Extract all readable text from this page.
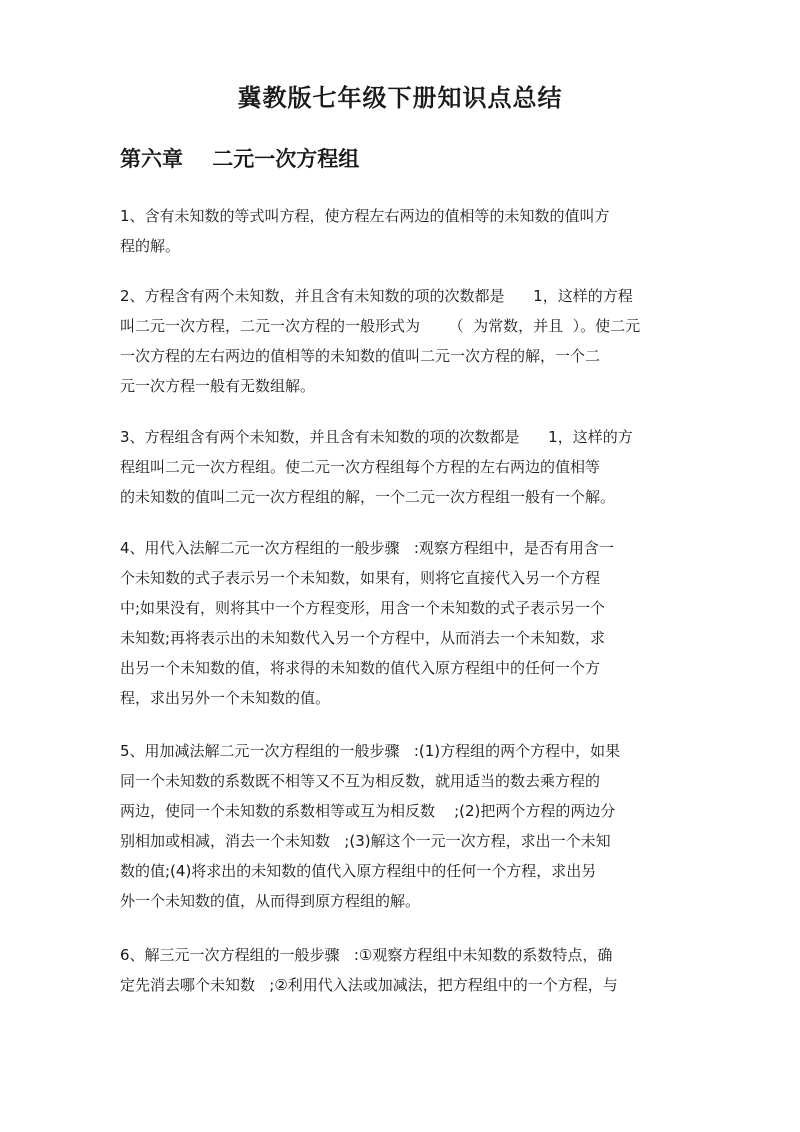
冀教版七年级下册知识点总结
第六章    二元一次方程组
1、含有未知数的等式叫方程，使方程左右两边的值相等的未知数的值叫方
程的解。
2、方程含有两个未知数，并且含有未知数的项的次数都是      1，这样的方程
叫二元一次方程，二元一次方程的一般形式为      （  为常数，并且  ）。使二元
一次方程的左右两边的值相等的未知数的值叫二元一次方程的解，一个二
元一次方程一般有无数组解。
3、方程组含有两个未知数，并且含有未知数的项的次数都是      1，这样的方
程组叫二元一次方程组。使二元一次方程组每个方程的左右两边的值相等
的未知数的值叫二元一次方程组的解，一个二元一次方程组一般有一个解。
4、用代入法解二元一次方程组的一般步骤   :观察方程组中，是否有用含一
个未知数的式子表示另一个未知数，如果有，则将它直接代入另一个方程
中;如果没有，则将其中一个方程变形，用含一个未知数的式子表示另一个
未知数;再将表示出的未知数代入另一个方程中，从而消去一个未知数，求
出另一个未知数的值，将求得的未知数的值代入原方程组中的任何一个方
程，求出另外一个未知数的值。
5、用加减法解二元一次方程组的一般步骤   :(1)方程组的两个方程中，如果
同一个未知数的系数既不相等又不互为相反数，就用适当的数去乘方程的
两边，使同一个未知数的系数相等或互为相反数    ;(2)把两个方程的两边分
别相加或相减，消去一个未知数   ;(3)解这个一元一次方程，求出一个未知
数的值;(4)将求出的未知数的值代入原方程组中的任何一个方程，求出另
外一个未知数的值，从而得到原方程组的解。
6、解三元一次方程组的一般步骤   :①观察方程组中未知数的系数特点，确
定先消去哪个未知数   ;②利用代入法或加减法，把方程组中的一个方程，与
